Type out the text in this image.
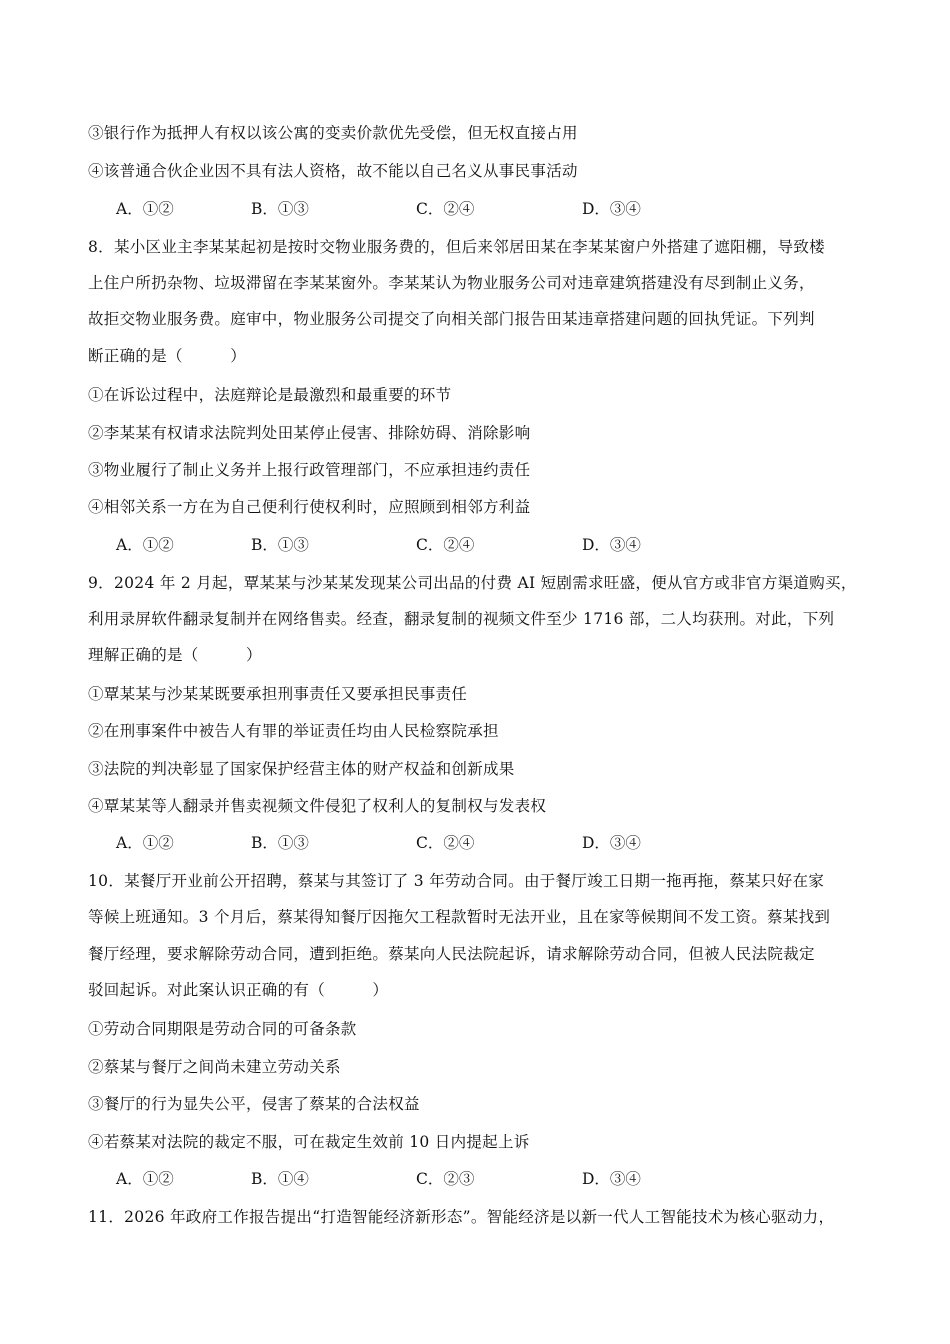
③银行作为抵押人有权以该公寓的变卖价款优先受偿，但无权直接占用
④该普通合伙企业因不具有法人资格，故不能以自己名义从事民事活动
A．①②	B．①③	C．②④	D．③④
8．某小区业主李某某起初是按时交物业服务费的，但后来邻居田某在李某某窗户外搭建了遮阳棚，导致楼
上住户所扔杂物、垃圾滞留在李某某窗外。李某某认为物业服务公司对违章建筑搭建没有尽到制止义务，
故拒交物业服务费。庭审中，物业服务公司提交了向相关部门报告田某违章搭建问题的回执凭证。下列判
断正确的是（　　　）
①在诉讼过程中，法庭辩论是最激烈和最重要的环节
②李某某有权请求法院判处田某停止侵害、排除妨碍、消除影响
③物业履行了制止义务并上报行政管理部门，不应承担违约责任
④相邻关系一方在为自己便利行使权利时，应照顾到相邻方利益
A．①②	B．①③	C．②④	D．③④
9．2024 年 2 月起，覃某某与沙某某发现某公司出品的付费 AI 短剧需求旺盛，便从官方或非官方渠道购买，
利用录屏软件翻录复制并在网络售卖。经查，翻录复制的视频文件至少 1716 部，二人均获刑。对此，下列
理解正确的是（　　　）
①覃某某与沙某某既要承担刑事责任又要承担民事责任
②在刑事案件中被告人有罪的举证责任均由人民检察院承担
③法院的判决彰显了国家保护经营主体的财产权益和创新成果
④覃某某等人翻录并售卖视频文件侵犯了权利人的复制权与发表权
A．①②	B．①③	C．②④	D．③④
10．某餐厅开业前公开招聘，蔡某与其签订了 3 年劳动合同。由于餐厅竣工日期一拖再拖，蔡某只好在家
等候上班通知。3 个月后，蔡某得知餐厅因拖欠工程款暂时无法开业，且在家等候期间不发工资。蔡某找到
餐厅经理，要求解除劳动合同，遭到拒绝。蔡某向人民法院起诉，请求解除劳动合同，但被人民法院裁定
驳回起诉。对此案认识正确的有（　　　）
①劳动合同期限是劳动合同的可备条款
②蔡某与餐厅之间尚未建立劳动关系
③餐厅的行为显失公平，侵害了蔡某的合法权益
④若蔡某对法院的裁定不服，可在裁定生效前 10 日内提起上诉
A．①②	B．①④	C．②③	D．③④
11．2026 年政府工作报告提出“打造智能经济新形态”。智能经济是以新一代人工智能技术为核心驱动力，
